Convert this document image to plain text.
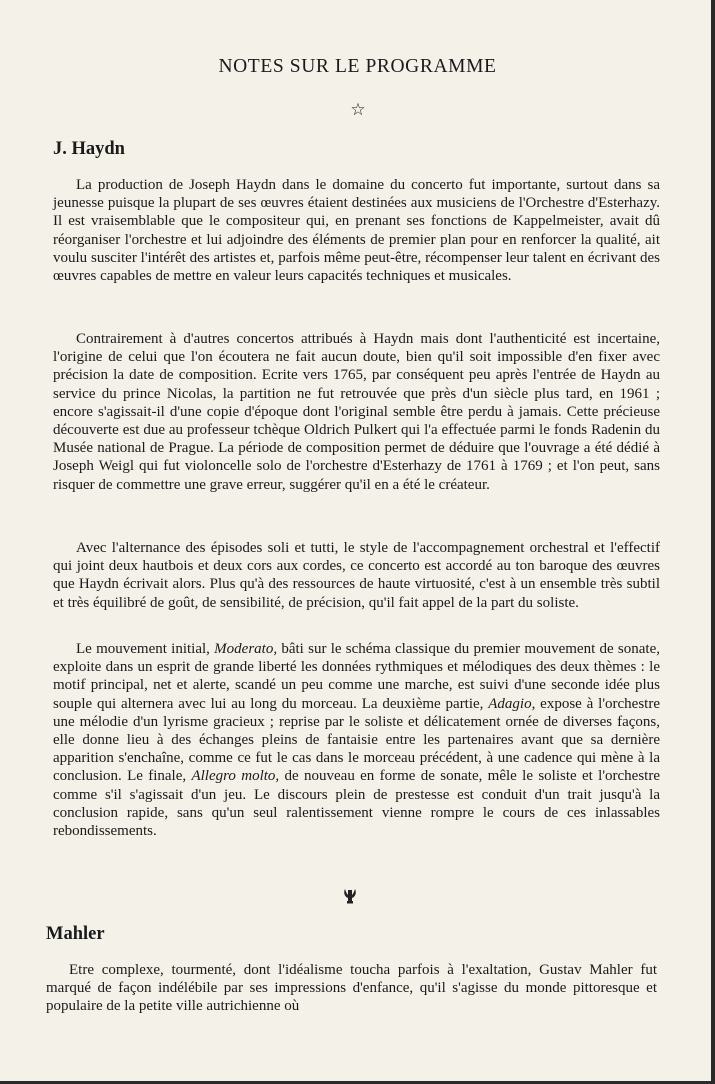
NOTES SUR LE PROGRAMME
☆
J. Haydn

La production de Joseph Haydn dans le domaine du concerto fut importante, surtout dans sa jeunesse puisque la plupart de ses œuvres étaient destinées aux musiciens de l'Orchestre d'Esterhazy. Il est vraisemblable que le compositeur qui, en prenant ses fonctions de Kappelmeister, avait dû réorganiser l'orchestre et lui adjoindre des éléments de premier plan pour en renforcer la qualité, ait voulu susciter l'intérêt des artistes et, parfois même peut-être, récompenser leur talent en écrivant des œuvres capables de mettre en valeur leurs capacités techniques et musicales.

Contrairement à d'autres concertos attribués à Haydn mais dont l'authenticité est incertaine, l'origine de celui que l'on écoutera ne fait aucun doute, bien qu'il soit impossible d'en fixer avec précision la date de composition. Ecrite vers 1765, par conséquent peu après l'entrée de Haydn au service du prince Nicolas, la partition ne fut retrouvée que près d'un siècle plus tard, en 1961 ; encore s'agissait-il d'une copie d'époque dont l'original semble être perdu à jamais. Cette précieuse découverte est due au professeur tchèque Oldrich Pulkert qui l'a effectuée parmi le fonds Radenin du Musée national de Prague. La période de composition permet de déduire que l'ouvrage a été dédié à Joseph Weigl qui fut violoncelle solo de l'orchestre d'Esterhazy de 1761 à 1769 ; et l'on peut, sans risquer de commettre une grave erreur, suggérer qu'il en a été le créateur.

Avec l'alternance des épisodes soli et tutti, le style de l'accompagnement orchestral et l'effectif qui joint deux hautbois et deux cors aux cordes, ce concerto est accordé au ton baroque des œuvres que Haydn écrivait alors. Plus qu'à des ressources de haute virtuosité, c'est à un ensemble très subtil et très équilibré de goût, de sensibilité, de précision, qu'il fait appel de la part du soliste.

Le mouvement initial, Moderato, bâti sur le schéma classique du premier mouvement de sonate, exploite dans un esprit de grande liberté les données rythmiques et mélodiques des deux thèmes : le motif principal, net et alerte, scandé un peu comme une marche, est suivi d'une seconde idée plus souple qui alternera avec lui au long du morceau. La deuxième partie, Adagio, expose à l'orchestre une mélodie d'un lyrisme gracieux ; reprise par le soliste et délicatement ornée de diverses façons, elle donne lieu à des échanges pleins de fantaisie entre les partenaires avant que sa dernière apparition s'enchaîne, comme ce fut le cas dans le morceau précédent, à une cadence qui mène à la conclusion. Le finale, Allegro molto, de nouveau en forme de sonate, mêle le soliste et l'orchestre comme s'il s'agissait d'un jeu. Le discours plein de prestesse est conduit d'un trait jusqu'à la conclusion rapide, sans qu'un seul ralentissement vienne rompre le cours de ces inlassables rebondissements.

Mahler

Etre complexe, tourmenté, dont l'idéalisme toucha parfois à l'exaltation, Gustav Mahler fut marqué de façon indélébile par ses impressions d'enfance, qu'il s'agisse du monde pittoresque et populaire de la petite ville autrichienne où
